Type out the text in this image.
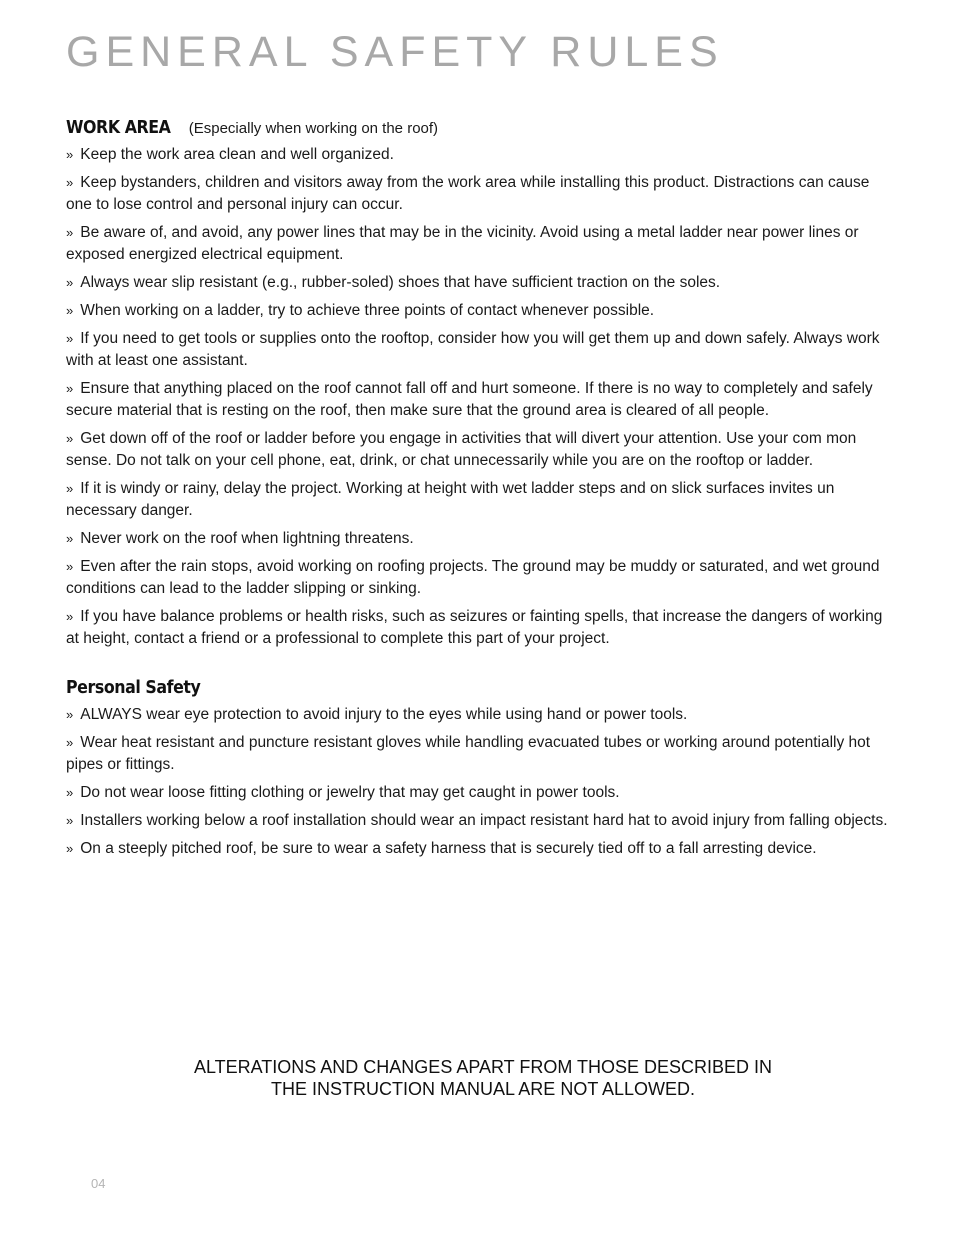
GENERAL SAFETY RULES
WORK AREA (Especially when working on the roof)
» Keep the work area clean and well organized.
» Keep bystanders, children and visitors away from the work area while installing this product. Distractions can cause one to lose control and personal injury can occur.
» Be aware of, and avoid, any power lines that may be in the vicinity. Avoid using a metal ladder near power lines or exposed energized electrical equipment.
» Always wear slip resistant (e.g., rubber-soled) shoes that have sufficient traction on the soles.
» When working on a ladder, try to achieve three points of contact whenever possible.
» If you need to get tools or supplies onto the rooftop, consider how you will get them up and down safely. Always work with at least one assistant.
» Ensure that anything placed on the roof cannot fall off and hurt someone. If there is no way to completely and safely secure material that is resting on the roof, then make sure that the ground area is cleared of all people.
» Get down off of the roof or ladder before you engage in activities that will divert your attention. Use your com mon sense. Do not talk on your cell phone, eat, drink, or chat unnecessarily while you are on the rooftop or ladder.
» If it is windy or rainy, delay the project. Working at height with wet ladder steps and on slick surfaces invites un necessary danger.
» Never work on the roof when lightning threatens.
» Even after the rain stops, avoid working on roofing projects. The ground may be muddy or saturated, and wet ground conditions can lead to the ladder slipping or sinking.
» If you have balance problems or health risks, such as seizures or fainting spells, that increase the dangers of working at height, contact a friend or a professional to complete this part of your project.
Personal Safety
» ALWAYS wear eye protection to avoid injury to the eyes while using hand or power tools.
» Wear heat resistant and puncture resistant gloves while handling evacuated tubes or working around potentially hot pipes or fittings.
» Do not wear loose fitting clothing or jewelry that may get caught in power tools.
» Installers working below a roof installation should wear an impact resistant hard hat to avoid injury from falling objects.
» On a steeply pitched roof, be sure to wear a safety harness that is securely tied off to a fall arresting device.
ALTERATIONS AND CHANGES APART FROM THOSE DESCRIBED IN
THE INSTRUCTION MANUAL ARE NOT ALLOWED.
04
